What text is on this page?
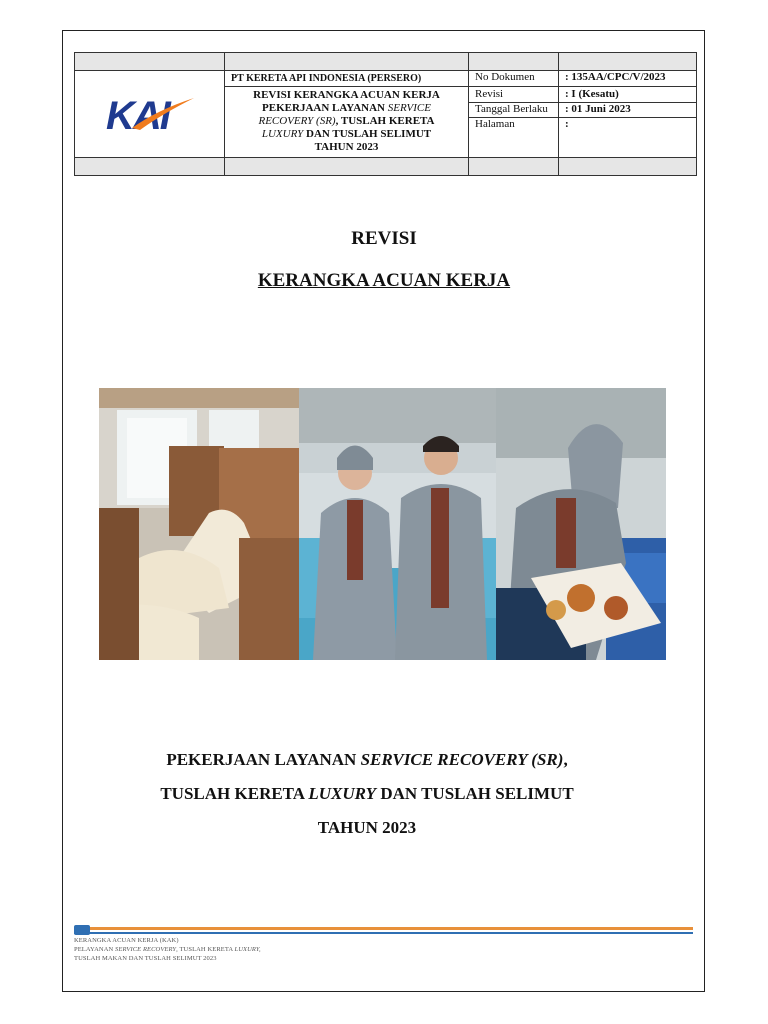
KAI
PT KERETA API INDONESIA (PERSERO)
REVISI KERANGKA ACUAN KERJA
PEKERJAAN LAYANAN SERVICE
RECOVERY (SR), TUSLAH KERETA
LUXURY DAN TUSLAH SELIMUT
TAHUN 2023
No Dokumen	: 135AA/CPC/V/2023
Revisi	: I (Kesatu)
Tanggal Berlaku : 01 Juni 2023
Halaman	:
REVISI
KERANGKA ACUAN KERJA
PEKERJAAN LAYANAN SERVICE RECOVERY (SR),
TUSLAH KERETA LUXURY DAN TUSLAH SELIMUT
TAHUN 2023
KERANGKA ACUAN KERJA (KAK)
PELAYANAN SERVICE RECOVERY, TUSLAH KERETA LUXURY,
TUSLAH MAKAN DAN TUSLAH SELIMUT 2023
